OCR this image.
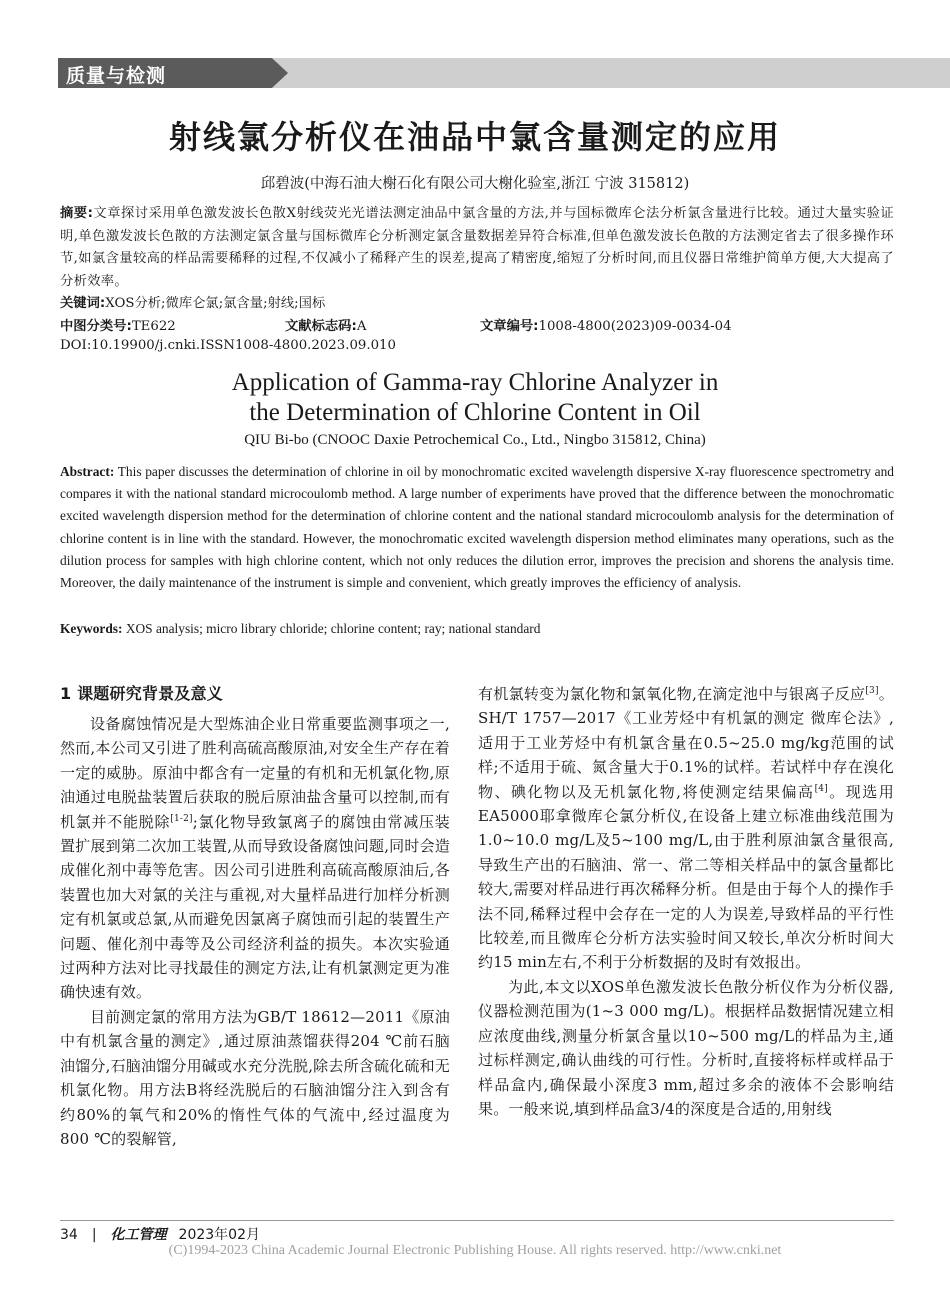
质量与检测
射线氯分析仪在油品中氯含量测定的应用
邱碧波(中海石油大榭石化有限公司大榭化验室,浙江 宁波 315812)
摘要:文章探讨采用单色激发波长色散X射线荧光光谱法测定油品中氯含量的方法,并与国标微库仑法分析氯含量进行比较。通过大量实验证明,单色激发波长色散的方法测定氯含量与国标微库仑分析测定氯含量数据差异符合标准,但单色激发波长色散的方法测定省去了很多操作环节,如氯含量较高的样品需要稀释的过程,不仅减小了稀释产生的误差,提高了精密度,缩短了分析时间,而且仪器日常维护简单方便,大大提高了分析效率。
关键词:XOS分析;微库仑氯;氯含量;射线;国标
中图分类号:TE622	文献标志码:A	文章编号:1008-4800(2023)09-0034-04
DOI:10.19900/j.cnki.ISSN1008-4800.2023.09.010
Application of Gamma-ray Chlorine Analyzer in
the Determination of Chlorine Content in Oil
QIU Bi-bo (CNOOC Daxie Petrochemical Co., Ltd., Ningbo 315812, China)
Abstract: This paper discusses the determination of chlorine in oil by monochromatic excited wavelength dispersive X-ray fluorescence spectrometry and compares it with the national standard microcoulomb method. A large number of experiments have proved that the difference between the monochromatic excited wavelength dispersion method for the determination of chlorine content and the national standard microcoulomb analysis for the determination of chlorine content is in line with the standard. However, the monochromatic excited wavelength dispersion method eliminates many operations, such as the dilution process for samples with high chlorine content, which not only reduces the dilution error, improves the precision and shorens the analysis time. Moreover, the daily maintenance of the instrument is simple and convenient, which greatly improves the efficiency of analysis.
Keywords: XOS analysis; micro library chloride; chlorine content; ray; national standard
1 课题研究背景及意义

设备腐蚀情况是大型炼油企业日常重要监测事项之一,然而,本公司又引进了胜利高硫高酸原油,对安全生产存在着一定的威胁。原油中都含有一定量的有机和无机氯化物,原油通过电脱盐装置后获取的脱后原油盐含量可以控制,而有机氯并不能脱除[1-2];氯化物导致氯离子的腐蚀由常减压装置扩展到第二次加工装置,从而导致设备腐蚀问题,同时会造成催化剂中毒等危害。因公司引进胜利高硫高酸原油后,各装置也加大对氯的关注与重视,对大量样品进行加样分析测定有机氯或总氯,从而避免因氯离子腐蚀而引起的装置生产问题、催化剂中毒等及公司经济利益的损失。本次实验通过两种方法对比寻找最佳的测定方法,让有机氯测定更为准确快速有效。

目前测定氯的常用方法为GB/T 18612—2011《原油中有机氯含量的测定》,通过原油蒸馏获得204 ℃前石脑油馏分,石脑油馏分用碱或水充分洗脱,除去所含硫化硫和无机氯化物。用方法B将经洗脱后的石脑油馏分注入到含有约80%的氧气和20%的惰性气体的气流中,经过温度为800 ℃的裂解管,

有机氯转变为氯化物和氯氧化物,在滴定池中与银离子反应[3]。SH/T 1757—2017《工业芳烃中有机氯的测定 微库仑法》,适用于工业芳烃中有机氯含量在0.5~25.0 mg/kg范围的试样;不适用于硫、氮含量大于0.1%的试样。若试样中存在溴化物、碘化物以及无机氯化物,将使测定结果偏高[4]。现选用EA5000耶拿微库仑氯分析仪,在设备上建立标准曲线范围为1.0~10.0 mg/L及5~100 mg/L,由于胜利原油氯含量很高,导致生产出的石脑油、常一、常二等相关样品中的氯含量都比较大,需要对样品进行再次稀释分析。但是由于每个人的操作手法不同,稀释过程中会存在一定的人为误差,导致样品的平行性比较差,而且微库仑分析方法实验时间又较长,单次分析时间大约15 min左右,不利于分析数据的及时有效报出。

为此,本文以XOS单色激发波长色散分析仪作为分析仪器,仪器检测范围为(1~3 000 mg/L)。根据样品数据情况建立相应浓度曲线,测量分析氯含量以10~500 mg/L的样品为主,通过标样测定,确认曲线的可行性。分析时,直接将标样或样品于样品盒内,确保最小深度3 mm,超过多余的液体不会影响结果。一般来说,填到样品盒3/4的深度是合适的,用射线

34 | 化工管理 2023年02月
(C)1994-2023 China Academic Journal Electronic Publishing House. All rights reserved. http://www.cnki.net
